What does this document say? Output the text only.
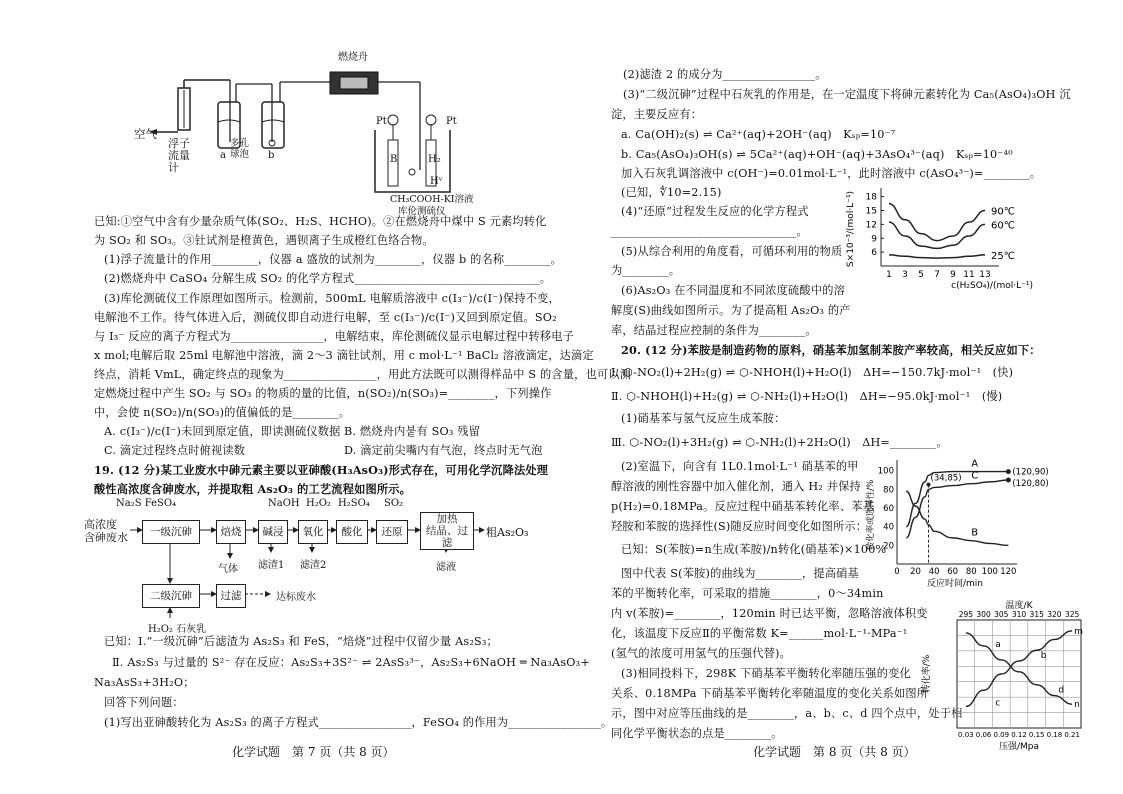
空气
浮子
流量计
a	b
多孔
球泡
燃烧舟
Pt	Pt
B	H₂
Hᵛ
CH₃COOH-KI溶液
库伦测硫仪
已知:①空气中含有少量杂质气体(SO₂、H₂S、HCHO)。②在燃烧舟中煤中 S 元素均转化
为 SO₂ 和 SO₃。③钍试剂是橙黄色，遇钡离子生成橙红色络合物。
(1)浮子流量计的作用________，仪器 a 盛放的试剂为________，仪器 b 的名称________。
(2)燃烧舟中 CaSO₄ 分解生成 SO₂ 的化学方程式________________________________。
(3)库伦测硫仪工作原理如图所示。检测前，500mL 电解质溶液中 c(I₃⁻)/c(I⁻)保持不变，
电解池不工作。待气体进入后，测硫仪即自动进行电解，至 c(I₃⁻)/c(I⁻)又回到原定值。SO₂
与 I₃⁻ 反应的离子方程式为________________，电解结束，库伦测硫仪显示电解过程中转移电子
x mol;电解后取 25ml 电解池中溶液，滴 2～3 滴钍试剂，用 c mol·L⁻¹ BaCl₂ 溶液滴定，达滴定
终点，消耗 VmL，确定终点的现象为________________，用此方法既可以测得样品中 S 的含量，也可以测
定燃烧过程中产生 SO₂ 与 SO₃ 的物质的量的比值，n(SO₂)/n(SO₃)=________，下列操作
中，会使 n(SO₂)/n(SO₃)的值偏低的是________。
A. c(I₃⁻)/c(I⁻)未回到原定值，即读测硫仪数据 B. 燃烧舟内붙有 SO₃ 残留
C. 滴定过程终点时俯视读数	D. 滴定前尖嘴内有气泡，终点时无气泡
19. (12 分)某工业废水中砷元素主要以亚砷酸(H₃AsO₃)形式存在，可用化学沉降法处理
酸性高浓度含砷废水，并提取粗 As₂O₃ 的工艺流程如图所示。
Na₂S FeSO₄	NaOH H₂O₂ H₂SO₄ SO₂
高浓度
含砷废水	一级沉砷	焙烧	碱浸	氧化	酸化	还原
加热
结晶、过滤
粗As₂O₃
气体 滤渣1 滤渣2	滤液
二级沉砷	过滤	达标废水
H₂O₂ 石灰乳
已知：Ⅰ.“一级沉砷”后滤渣为 As₂S₃ 和 FeS，“焙烧”过程中仅留少量 As₂S₃；
Ⅱ. As₂S₃ 与过量的 S²⁻ 存在反应：As₂S₃+3S²⁻ ⇌ 2AsS₃³⁻，As₂S₃+6NaOH ═ Na₃AsO₃+
Na₃AsS₃+3H₂O；
回答下列问题：
(1)写出亚砷酸转化为 As₂S₃ 的离子方程式________________，FeSO₄ 的作用为________________。
化学试题　第 7 页（共 8 页）
(2)滤渣 2 的成分为________________。
(3)“二级沉砷”过程中石灰乳的作用是，在一定温度下将砷元素转化为 Ca₅(AsO₄)₃OH 沉
淀，主要反应有：
a. Ca(OH)₂(s) ⇌ Ca²⁺(aq)+2OH⁻(aq)　Kₛₚ=10⁻⁷
b. Ca₅(AsO₄)₃OH(s) ⇌ 5Ca²⁺(aq)+OH⁻(aq)+3AsO₄³⁻(aq)　Kₛₚ=10⁻⁴⁰
加入石灰乳调溶液中 c(OH⁻)=0.01mol·L⁻¹，此时溶液中 c(AsO₄³⁻)=________。
(已知，∜10=2.15)
(4)“还原”过程发生反应的化学方程式
________________________________。
(5)从综合利用的角度看，可循环利用的物质
为________。
(6)As₂O₃ 在不同温度和不同浓度硫酸中的溶
解度(S)曲线如图所示。为了提高粗 As₂O₃ 的产
率，结晶过程应控制的条件为________。
6
9
12
15
18
1 3 5 7 9 11 13
c(H₂SO₄)/(mol·L⁻¹)
S×10⁻³/(mol·L⁻¹)	90℃
60℃
25℃
20. (12 分)苯胺是制造药物的原料，硝基苯加氢制苯胺产率较高，相关反应如下：
Ⅰ. ⬡-NO₂(l)+2H₂(g) ⇌ ⬡-NHOH(l)+H₂O(l)　ΔH=−150.7kJ·mol⁻¹　(快)
Ⅱ. ⬡-NHOH(l)+H₂(g) ⇌ ⬡-NH₂(l)+H₂O(l)　ΔH=−95.0kJ·mol⁻¹　(慢)
(1)硝基苯与氢气反应生成苯胺：
Ⅲ. ⬡-NO₂(l)+3H₂(g) ⇌ ⬡-NH₂(l)+2H₂O(l)　ΔH=________。
(2)室温下，向含有 1L0.1mol·L⁻¹ 硝基苯的甲
醇溶液的刚性容器中加入催化剂，通入 H₂ 并保持
p(H₂)=0.18MPa。反应过程中硝基苯转化率、苯基
羟胺和苯胺的选择性(S)随反应时间变化如图所示：
已知：S(苯胺)=n生成(苯胺)/n转化(硝基苯)×100%
图中代表 S(苯胺)的曲线为________，提高硝基
苯的平衡转化率，可采取的措施________，0～34min
内 v(苯胺)=________，120min 时已达平衡，忽略溶液体积变
化，该温度下反应Ⅱ的平衡常数 K=______mol·L⁻¹·MPa⁻¹
(氢气的浓度可用氢气的压强代替)。
(3)相同投料下，298K 下硝基苯平衡转化率随压强的变化
关系、0.18MPa 下硝基苯平衡转化率随温度的变化关系如图所
示，图中对应等压曲线的是________，a、b、c、d 四个点中，处于相
同化学平衡状态的点是________。
20
40
60
80
100
0 20 40 60 80 100 120
反应时间/min
转化率或选择性/%
A
C
B
(120,90)
(120,80)
(34,85)
295 300 305 310 315 320 325
0.03 0.06 0.09 0.12 0.15 0.18 0.21
温度/K
压强/Mpa
转化率/%
m
n
a
b
c
d
化学试题　第 8 页（共 8 页）
